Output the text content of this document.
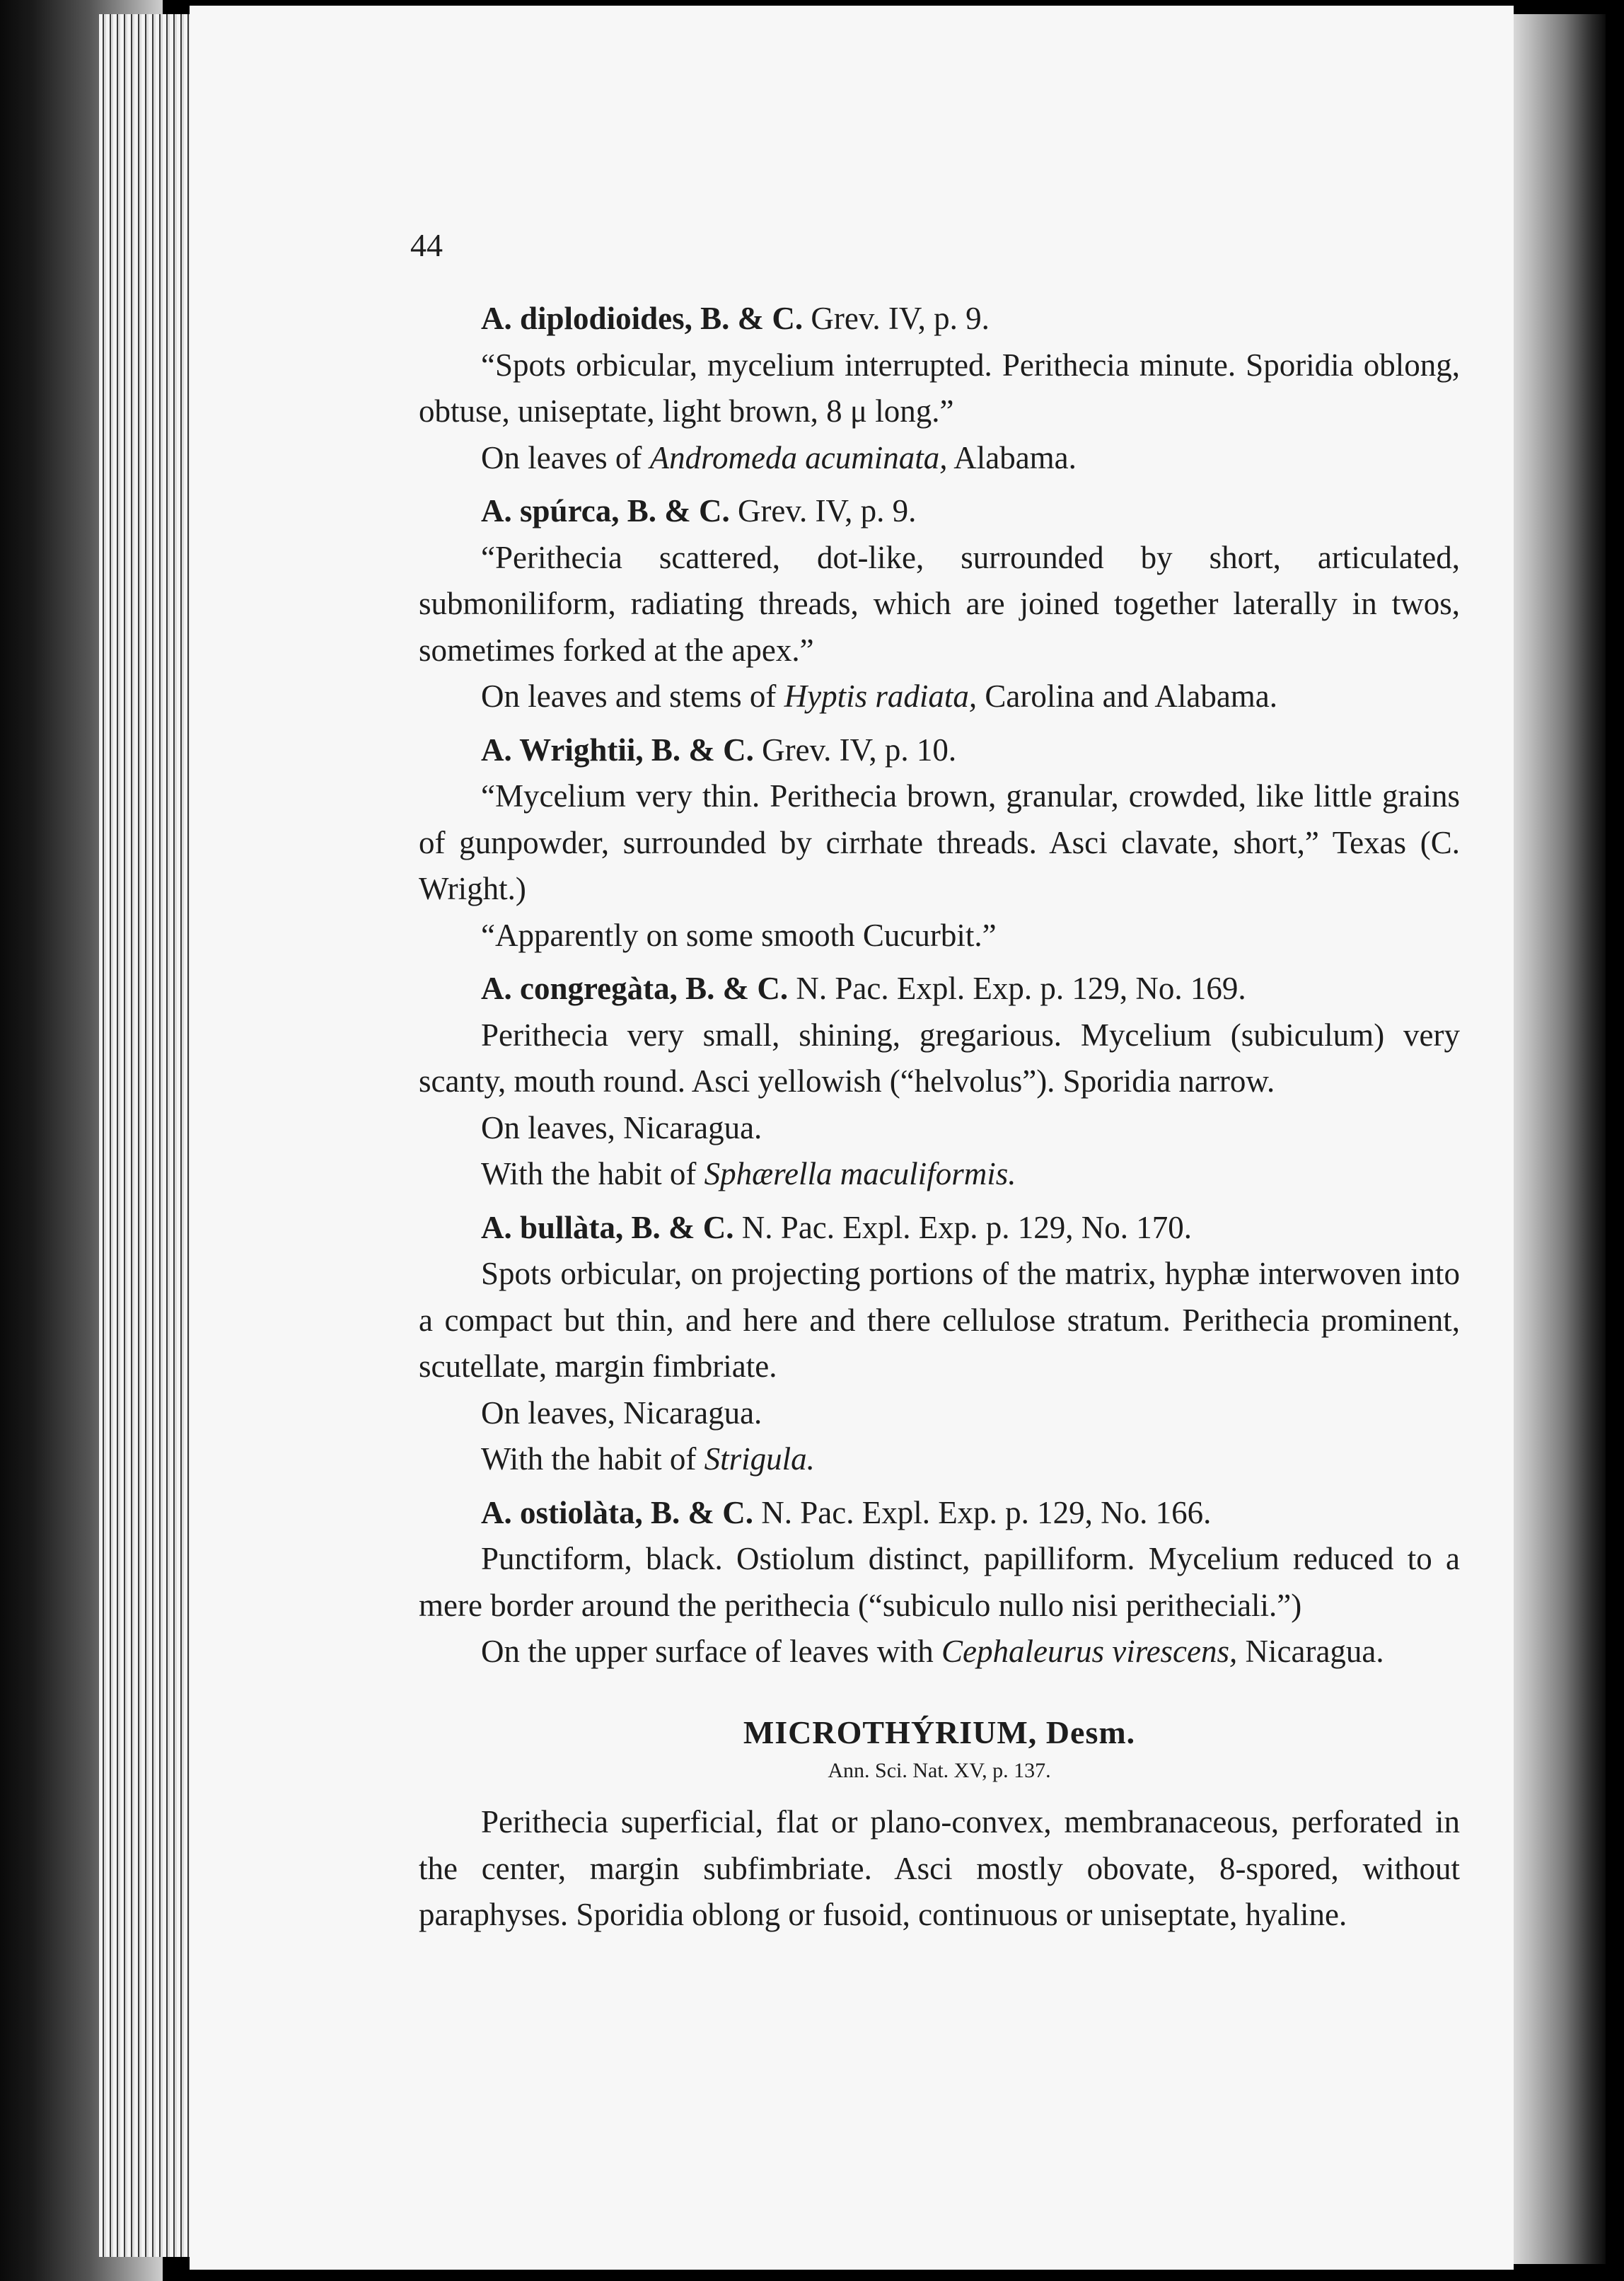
44

A. diplodioides, B. & C. Grev. IV, p. 9.

“Spots orbicular, mycelium interrupted. Perithecia minute. Sporidia oblong, obtuse, uniseptate, light brown, 8 μ long.”

On leaves of Andromeda acuminata, Alabama.

A. spúrca, B. & C. Grev. IV, p. 9.

“Perithecia scattered, dot-like, surrounded by short, articulated, submoniliform, radiating threads, which are joined together laterally in twos, sometimes forked at the apex.”

On leaves and stems of Hyptis radiata, Carolina and Alabama.

A. Wrightii, B. & C. Grev. IV, p. 10.

“Mycelium very thin. Perithecia brown, granular, crowded, like little grains of gunpowder, surrounded by cirrhate threads. Asci clavate, short,” Texas (C. Wright.)

“Apparently on some smooth Cucurbit.”

A. congregàta, B. & C. N. Pac. Expl. Exp. p. 129, No. 169.

Perithecia very small, shining, gregarious. Mycelium (subiculum) very scanty, mouth round. Asci yellowish (“helvolus”). Sporidia narrow.

On leaves, Nicaragua.

With the habit of Sphærella maculiformis.

A. bullàta, B. & C. N. Pac. Expl. Exp. p. 129, No. 170.

Spots orbicular, on projecting portions of the matrix, hyphæ interwoven into a compact but thin, and here and there cellulose stratum. Perithecia prominent, scutellate, margin fimbriate.

On leaves, Nicaragua.

With the habit of Strigula.

A. ostiolàta, B. & C. N. Pac. Expl. Exp. p. 129, No. 166.

Punctiform, black. Ostiolum distinct, papilliform. Mycelium reduced to a mere border around the perithecia (“subiculo nullo nisi peritheciali.”)

On the upper surface of leaves with Cephaleurus virescens, Nicaragua.

MICROTHÝRIUM, Desm.
Ann. Sci. Nat. XV, p. 137.

Perithecia superficial, flat or plano-convex, membranaceous, perforated in the center, margin subfimbriate. Asci mostly obovate, 8-spored, without paraphyses. Sporidia oblong or fusoid, continuous or uniseptate, hyaline.
